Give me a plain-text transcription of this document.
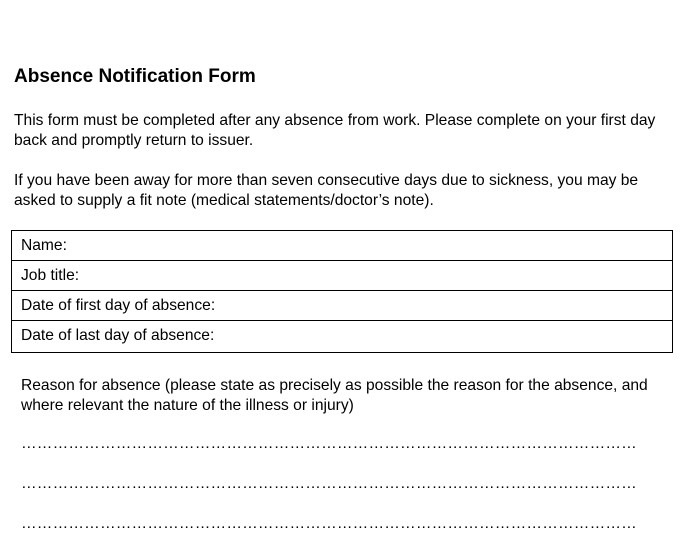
Absence Notification Form
This form must be completed after any absence from work. Please complete on your first day back and promptly return to issuer.
If you have been away for more than seven consecutive days due to sickness, you may be asked to supply a fit note (medical statements/doctor’s note).
Name:
Job title:
Date of first day of absence:
Date of last day of absence:
Reason for absence (please state as precisely as possible the reason for the absence, and where relevant the nature of the illness or injury)
………………………………………………………………………………………………………
………………………………………………………………………………………………………
………………………………………………………………………………………………………
